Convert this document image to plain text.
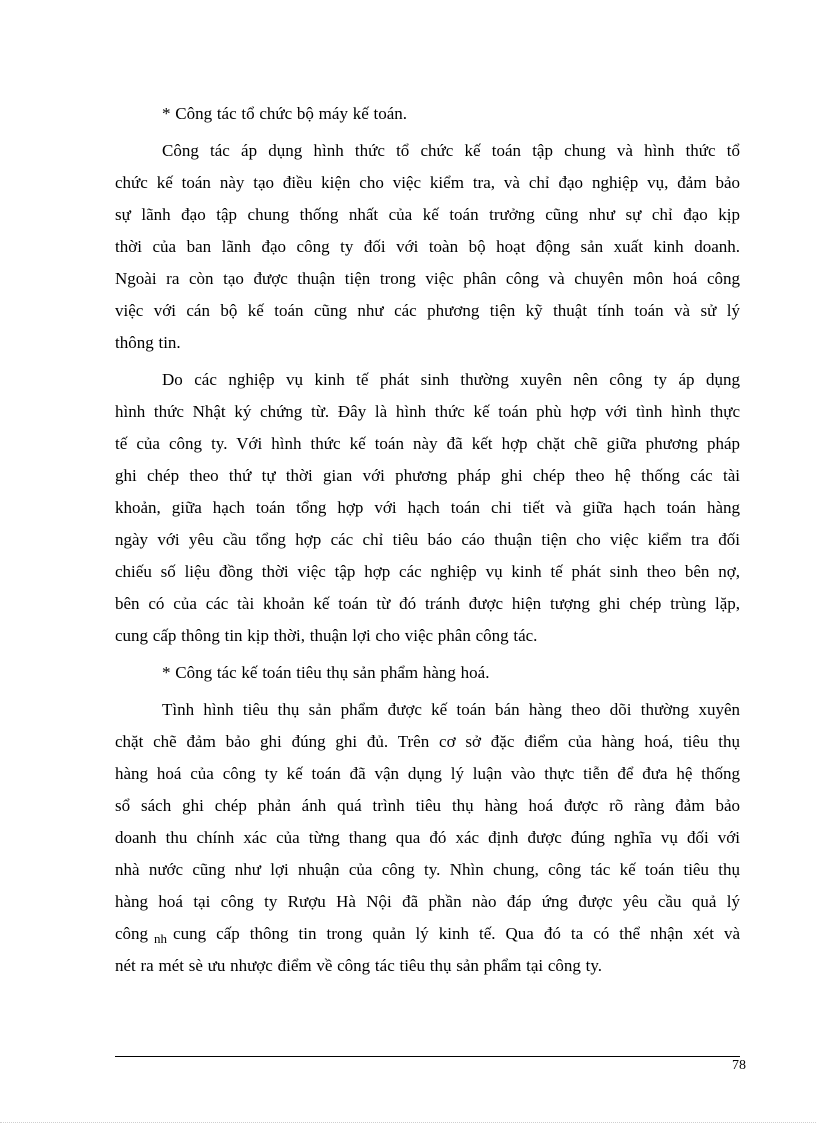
* Công tác tổ chức bộ máy kế toán.
Công tác áp dụng hình thức tổ chức kế toán tập chung và hình thức tổ
chức kế toán này tạo điều kiện cho việc kiểm tra, và chỉ đạo nghiệp vụ, đảm bảo
sự lãnh đạo tập chung thống nhất của kế toán trưởng cũng như sự chỉ đạo kịp
thời của ban lãnh đạo công ty đối với toàn bộ hoạt động sản xuất kinh doanh.
Ngoài ra còn tạo được thuận tiện trong việc phân công và chuyên môn hoá công
việc với cán bộ kế toán cũng như các phương tiện kỹ thuật tính toán và sử lý
thông tin.
Do các nghiệp vụ kinh tế phát sinh thường xuyên nên công ty áp dụng
hình thức Nhật ký chứng từ. Đây là hình thức kế toán phù hợp với tình hình thực
tế của công ty. Với hình thức kế toán này đã kết hợp chặt chẽ giữa phương pháp
ghi chép theo thứ tự thời gian với phương pháp ghi chép theo hệ thống các tài
khoản, giữa hạch toán tổng hợp với hạch toán chi tiết và giữa hạch toán hàng
ngày với yêu cầu tổng hợp các chỉ tiêu báo cáo thuận tiện cho việc kiểm tra đối
chiếu số liệu đồng thời việc tập hợp các nghiệp vụ kinh tế phát sinh theo bên nợ,
bên có của các tài khoản kế toán từ đó tránh được hiện tượng ghi chép trùng lặp,
cung cấp thông tin kịp thời, thuận lợi cho việc phân công tác.
* Công tác kế toán tiêu thụ sản phẩm hàng hoá.
Tình hình tiêu thụ sản phẩm được kế toán bán hàng theo dõi thường xuyên
chặt chẽ đảm bảo ghi đúng ghi đủ. Trên cơ sở đặc điểm của hàng hoá, tiêu thụ
hàng hoá của công ty kế toán đã vận dụng lý luận vào thực tiễn để đưa hệ thống
sổ sách ghi chép phản ánh quá trình tiêu thụ hàng hoá được rõ ràng đảm bảo
doanh thu chính xác của từng thang qua đó xác định được đúng nghĩa vụ đối với
nhà nước cũng như lợi nhuận của công ty. Nhìn chung, công tác kế toán tiêu thụ
hàng hoá tại công ty Rượu Hà Nội đã phần nào đáp ứng được yêu cầu quả lý
công $_{nh}$ cung cấp thông tin trong quản lý kinh tế. Qua đó ta có thể nhận xét và
nét ra mét sè ưu nhược điểm về công tác tiêu thụ sản phẩm tại công ty.
78
